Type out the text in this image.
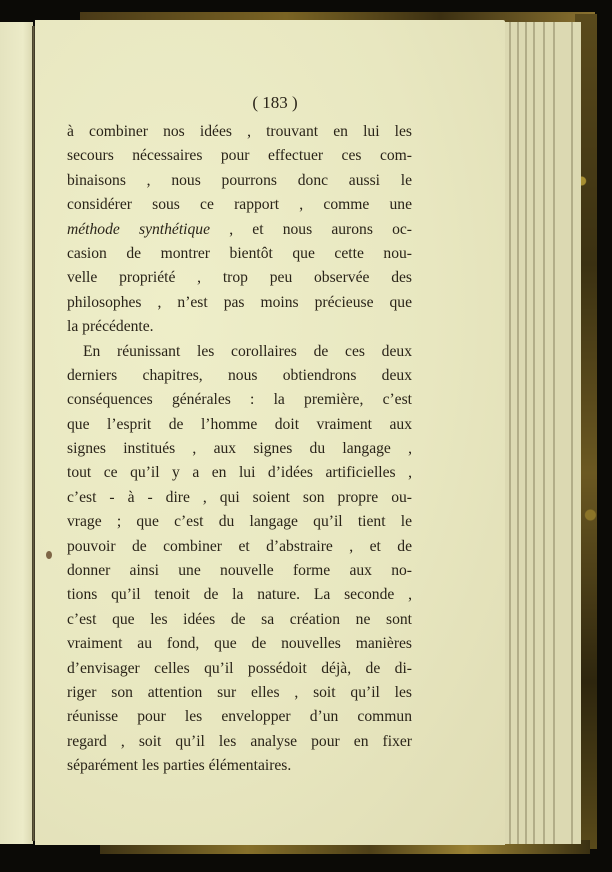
( 183 )
à combiner nos idées , trouvant en lui les
secours nécessaires pour effectuer ces com-
binaisons , nous pourrons donc aussi le
considérer sous ce rapport , comme une
méthode synthétique , et nous aurons oc-
casion de montrer bientôt que cette nou-
velle propriété , trop peu observée des
philosophes , n’est pas moins précieuse que
la précédente.
En réunissant les corollaires de ces deux
derniers chapitres, nous obtiendrons deux
conséquences générales : la première, c’est
que l’esprit de l’homme doit vraiment aux
signes institués , aux signes du langage ,
tout ce qu’il y a en lui d’idées artificielles ,
c’est - à - dire , qui soient son propre ou-
vrage ; que c’est du langage qu’il tient le
pouvoir de combiner et d’abstraire , et de
donner ainsi une nouvelle forme aux no-
tions qu’il tenoit de la nature. La seconde ,
c’est que les idées de sa création ne sont
vraiment au fond, que de nouvelles manières
d’envisager celles qu’il possédoit déjà, de di-
riger son attention sur elles , soit qu’il les
réunisse pour les envelopper d’un commun
regard , soit qu’il les analyse pour en fixer
séparément les parties élémentaires.
